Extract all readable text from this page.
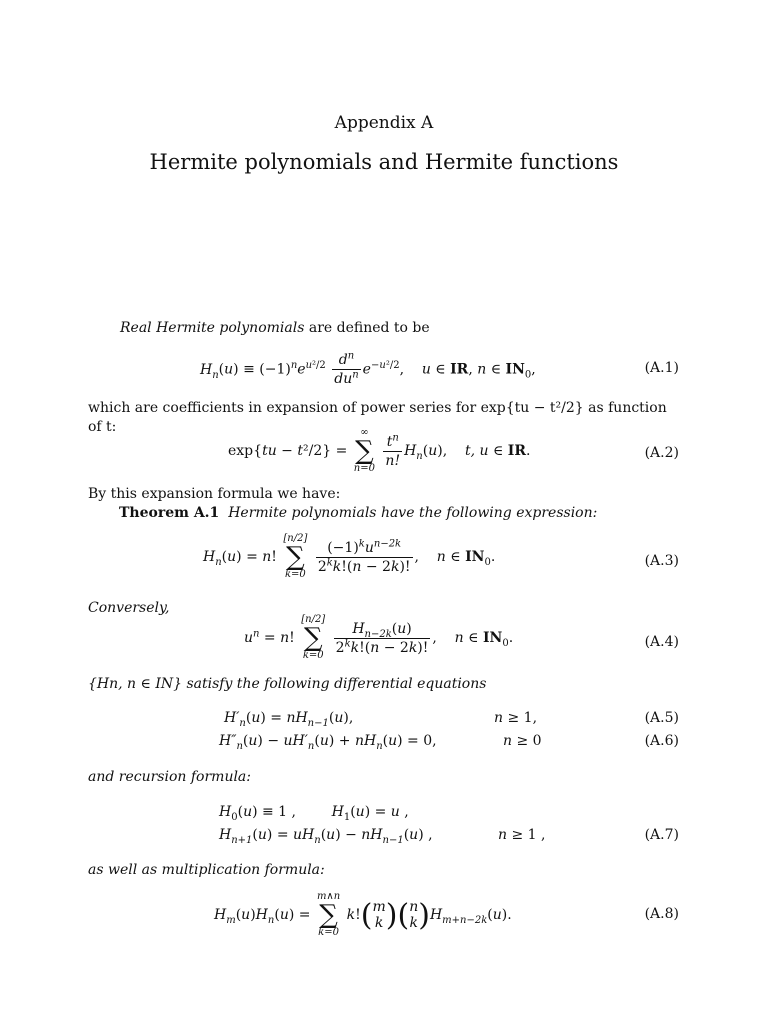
Appendix A
Hermite polynomials and Hermite functions
Real Hermite polynomials are defined to be
$H_n(u) \equiv (-1)^ne^{u^2/2} \frac{d^n}{du^n} e^{-u^2/2}$,    u ∈ IR, n ∈ $IN_0$,	(A.1)
which are coefficients in expansion of power series for exp{tu − t²/2} as function
of t:
exp{tu − t²/2} =
∞
∑
n=0
$\frac{t^n}{n!} H_n(u)$,    t, u ∈ IR.	(A.2)
By this expansion formula we have:
Theorem A.1 Hermite polynomials have the following expression:
$H_n(u) = n$!
[n/2]
∑
k=0
$\frac{(-1)^ku^{n-2k}}{2^kk!(n - 2k)!}$ ,    n ∈ $IN_0$.	(A.3)
Conversely,
$u^n = n$!
[n/2]
∑
k=0
$\frac{H_{n-2k}(u)}{2^kk!(n - 2k)!}$ ,    n ∈ $IN_0$.	(A.4)
{Hn, n ∈ IN} satisfy the following differential equations
$H'_n(u) = nH_{n-1}(u)$,	n ≥ 1,	(A.5)
$H''_n(u) - uH'_n(u) + nH_n(u) = 0$,	n ≥ 0	(A.6)
and recursion formula:
$H_0(u) \equiv 1$ ,        $H_1(u) = u$ ,
$H_{n+1}(u) = uH_n(u) - nH_{n-1}(u)$ ,	n ≥ 1 ,	(A.7)
as well as multiplication formula:
$H_m(u)H_n(u)$ =
m∧n
∑
k=0
k!(m
k)(n
$k)H_{m+n-2k}(u)$.	(A.8)
